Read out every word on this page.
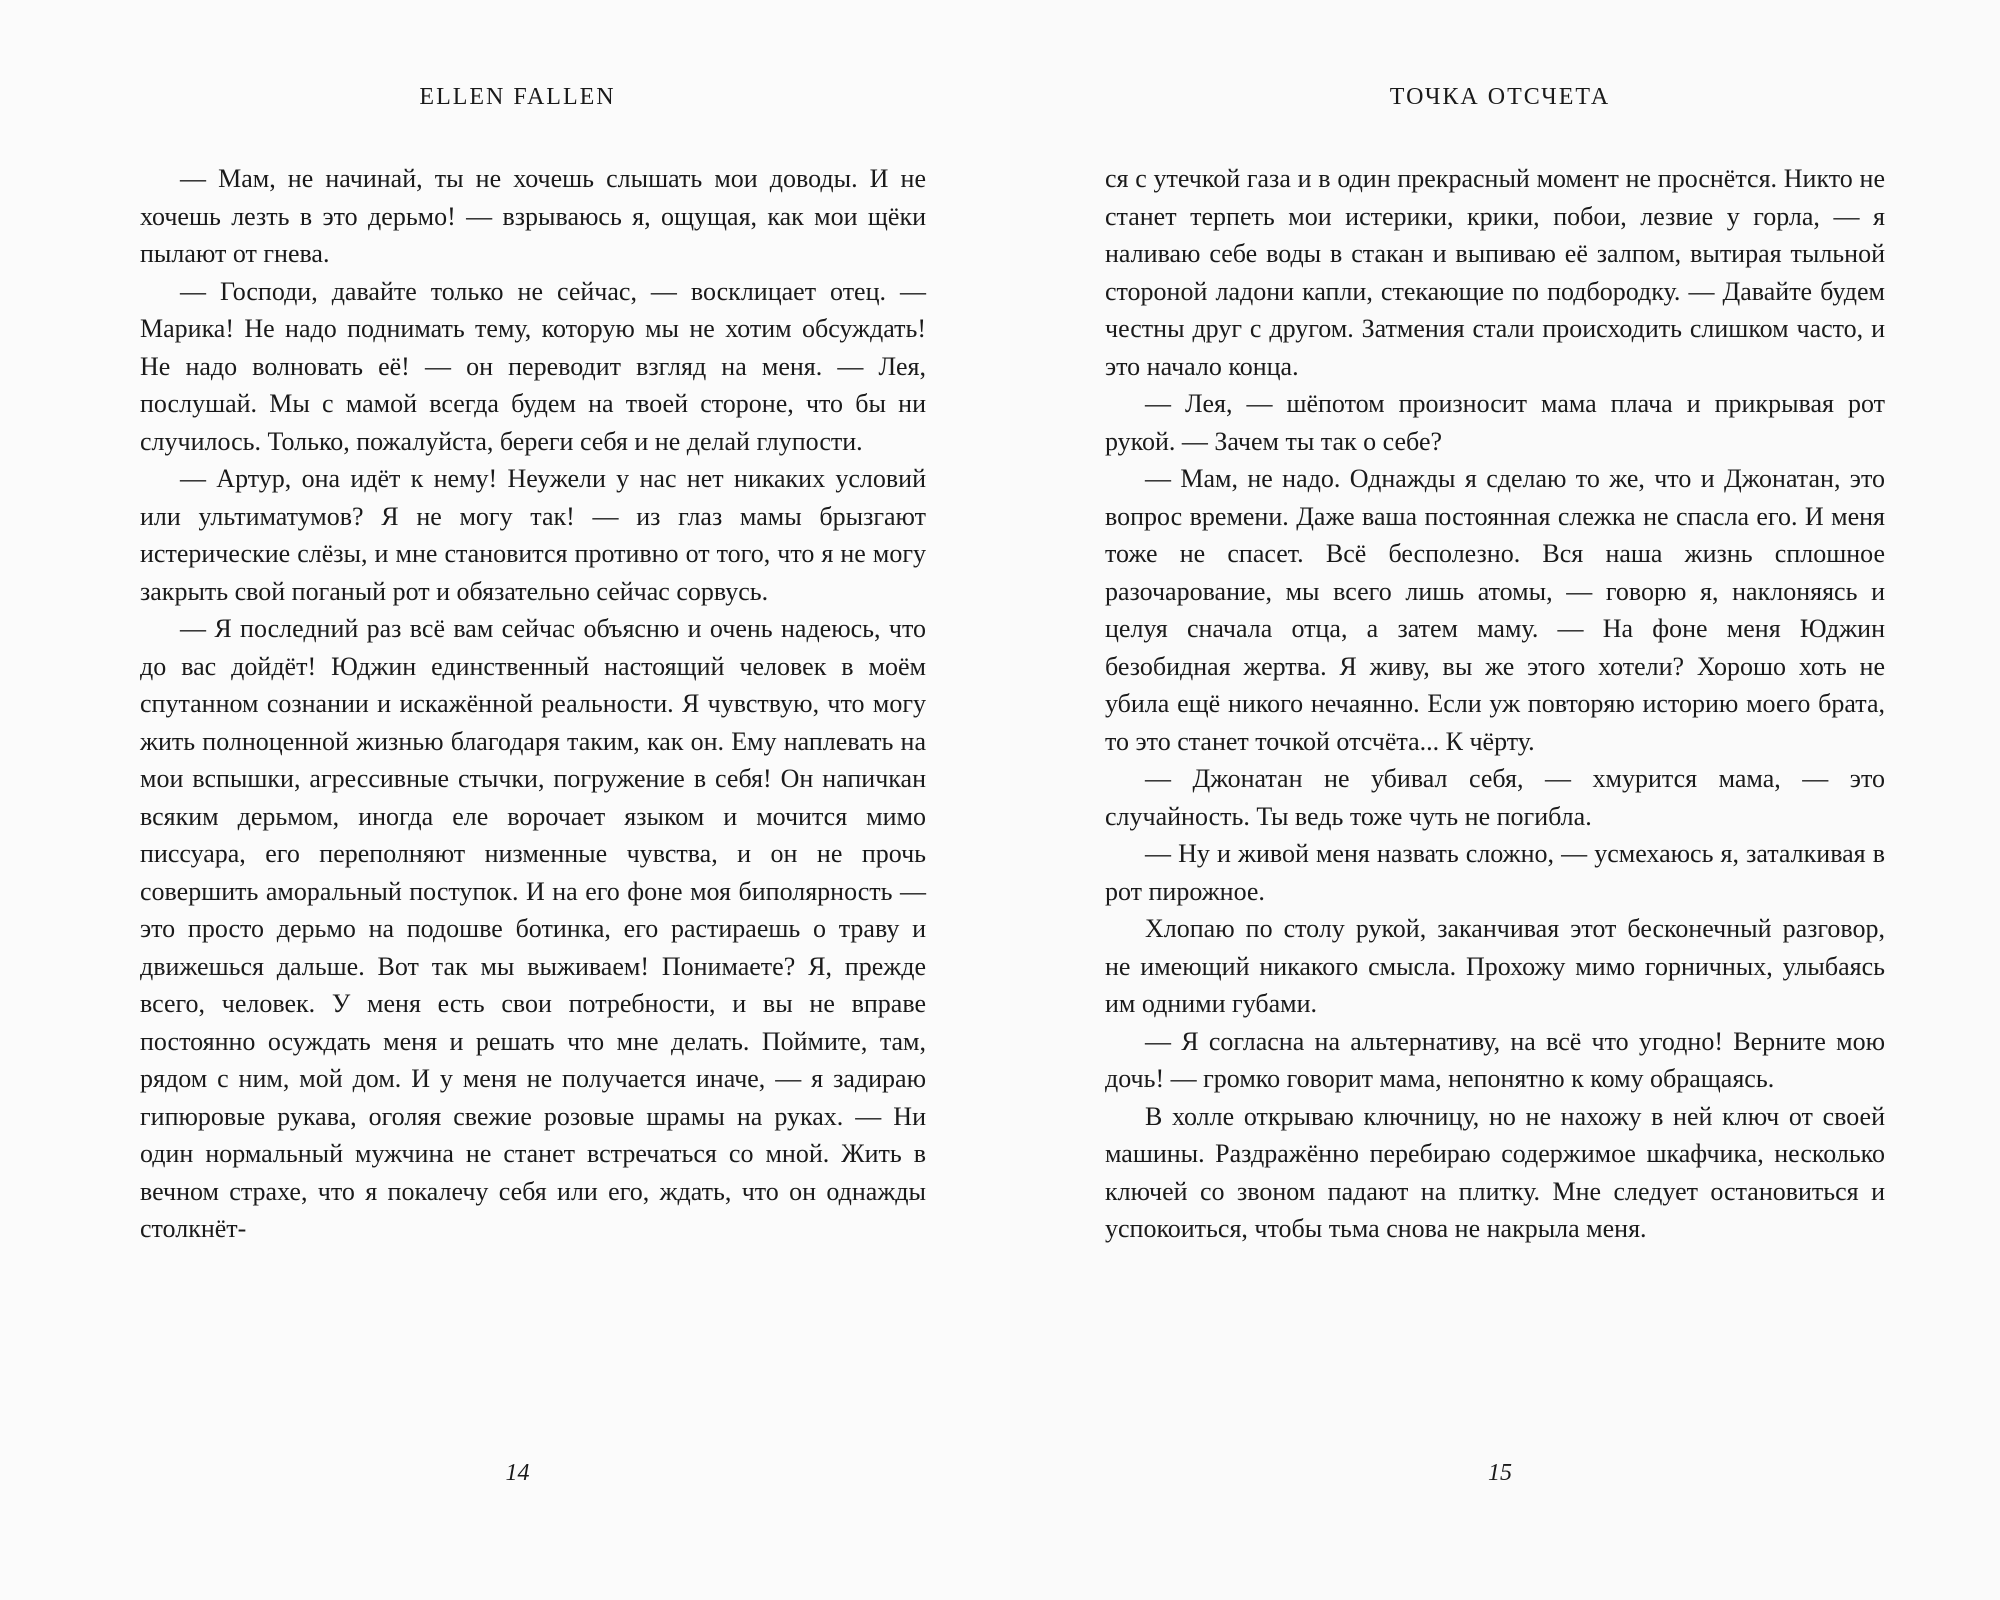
ELLEN FALLEN

— Мам, не начинай, ты не хочешь слышать мои доводы. И не хочешь лезть в это дерьмо! — взрываюсь я, ощущая, как мои щёки пылают от гнева.

— Господи, давайте только не сейчас, — восклицает отец. — Марика! Не надо поднимать тему, которую мы не хотим обсуждать! Не надо волновать её! — он переводит взгляд на меня. — Лея, послушай. Мы с мамой всегда будем на твоей стороне, что бы ни случилось. Только, пожалуйста, береги себя и не делай глупости.

— Артур, она идёт к нему! Неужели у нас нет никаких условий или ультиматумов? Я не могу так! — из глаз мамы брызгают истерические слёзы, и мне становится противно от того, что я не могу закрыть свой поганый рот и обязательно сейчас сорвусь.

— Я последний раз всё вам сейчас объясню и очень надеюсь, что до вас дойдёт! Юджин единственный настоящий человек в моём спутанном сознании и искажённой реальности. Я чувствую, что могу жить полноценной жизнью благодаря таким, как он. Ему наплевать на мои вспышки, агрессивные стычки, погружение в себя! Он напичкан всяким дерьмом, иногда еле ворочает языком и мочится мимо писсуара, его переполняют низменные чувства, и он не прочь совершить аморальный поступок. И на его фоне моя биполярность — это просто дерьмо на подошве ботинка, его растираешь о траву и движешься дальше. Вот так мы выживаем! Понимаете? Я, прежде всего, человек. У меня есть свои потребности, и вы не вправе постоянно осуждать меня и решать что мне делать. Поймите, там, рядом с ним, мой дом. И у меня не получается иначе, — я задираю гипюровые рукава, оголяя свежие розовые шрамы на руках. — Ни один нормальный мужчина не станет встречаться со мной. Жить в вечном страхе, что я покалечу себя или его, ждать, что он однажды столкнёт-

14
ТОЧКА ОТСЧЕТА

ся с утечкой газа и в один прекрасный момент не проснётся. Никто не станет терпеть мои истерики, крики, побои, лезвие у горла, — я наливаю себе воды в стакан и выпиваю её залпом, вытирая тыльной стороной ладони капли, стекающие по подбородку. — Давайте будем честны друг с другом. Затмения стали происходить слишком часто, и это начало конца.

— Лея, — шёпотом произносит мама плача и прикрывая рот рукой. — Зачем ты так о себе?

— Мам, не надо. Однажды я сделаю то же, что и Джонатан, это вопрос времени. Даже ваша постоянная слежка не спасла его. И меня тоже не спасет. Всё бесполезно. Вся наша жизнь сплошное разочарование, мы всего лишь атомы, — говорю я, наклоняясь и целуя сначала отца, а затем маму. — На фоне меня Юджин безобидная жертва. Я живу, вы же этого хотели? Хорошо хоть не убила ещё никого нечаянно. Если уж повторяю историю моего брата, то это станет точкой отсчёта... К чёрту.

— Джонатан не убивал себя, — хмурится мама, — это случайность. Ты ведь тоже чуть не погибла.

— Ну и живой меня назвать сложно, — усмехаюсь я, заталкивая в рот пирожное.

Хлопаю по столу рукой, заканчивая этот бесконечный разговор, не имеющий никакого смысла. Прохожу мимо горничных, улыбаясь им одними губами.

— Я согласна на альтернативу, на всё что угодно! Верните мою дочь! — громко говорит мама, непонятно к кому обращаясь.

В холле открываю ключницу, но не нахожу в ней ключ от своей машины. Раздражённо перебираю содержимое шкафчика, несколько ключей со звоном падают на плитку. Мне следует остановиться и успокоиться, чтобы тьма снова не накрыла меня.

15
